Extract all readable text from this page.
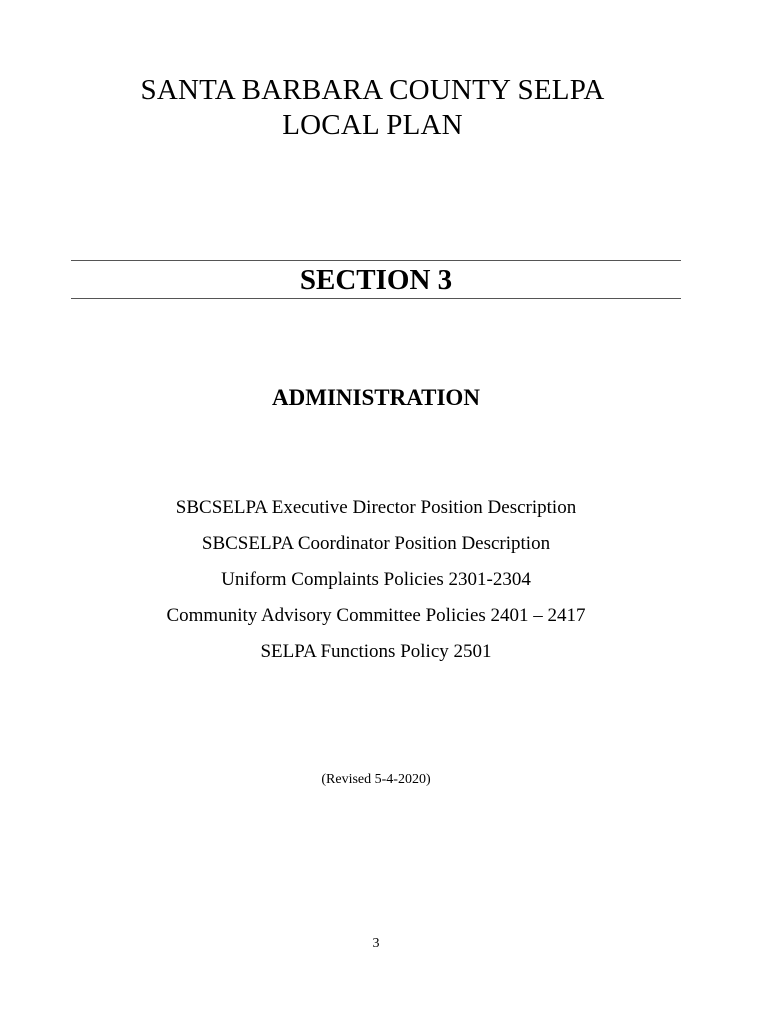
SANTA BARBARA COUNTY SELPA
LOCAL PLAN
SECTION 3
ADMINISTRATION
SBCSELPA Executive Director Position Description
SBCSELPA Coordinator Position Description
Uniform Complaints Policies 2301-2304
Community Advisory Committee Policies 2401 – 2417
SELPA Functions Policy 2501
(Revised 5-4-2020)
3
